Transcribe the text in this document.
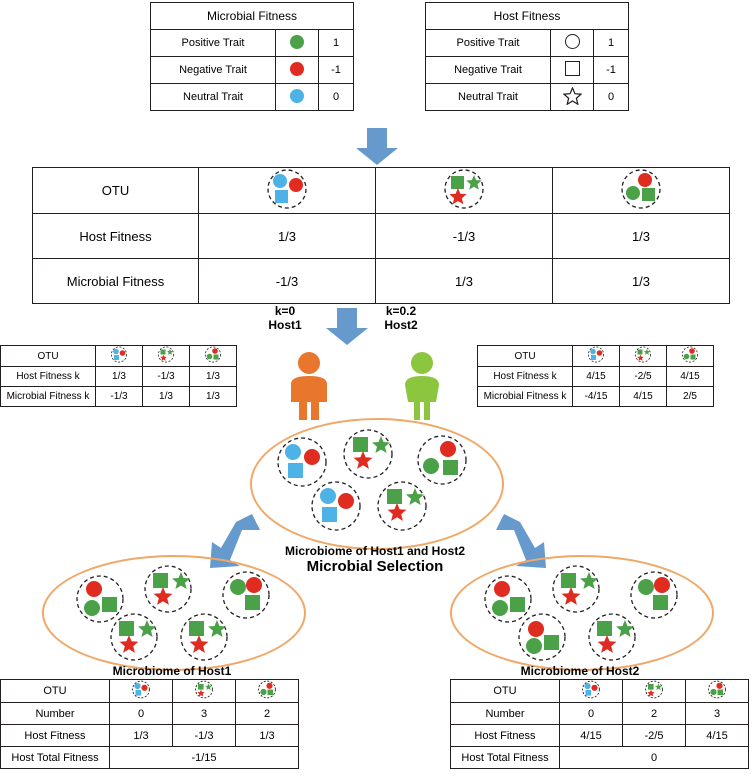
Microbial Fitness		
Positive Trait		1
Negative Trait		-1
Neutral Trait		0
Host Fitness		
Positive Trait		1
Negative Trait		-1
Neutral Trait		0
OTU			
Host Fitness	1/3	-1/3	1/3
Microbial Fitness	-1/3	1/3	1/3
k=0
Host1
k=0.2
Host2
OTU			
Host Fitness k	1/3	-1/3	1/3
Microbial Fitness k	-1/3	1/3	1/3
OTU			
Host Fitness k	4/15	-2/5	4/15
Microbial Fitness k	-4/15	4/15	2/5
Microbiome of Host1 and Host2
Microbial Selection
Microbiome of Host1	Microbiome of Host2
OTU			
Number	0	3	2
Host Fitness	1/3	-1/3	1/3
Host Total Fitness	-1/15		
OTU			
Number	0	2	3
Host Fitness	4/15	-2/5	4/15
Host Total Fitness	0		
